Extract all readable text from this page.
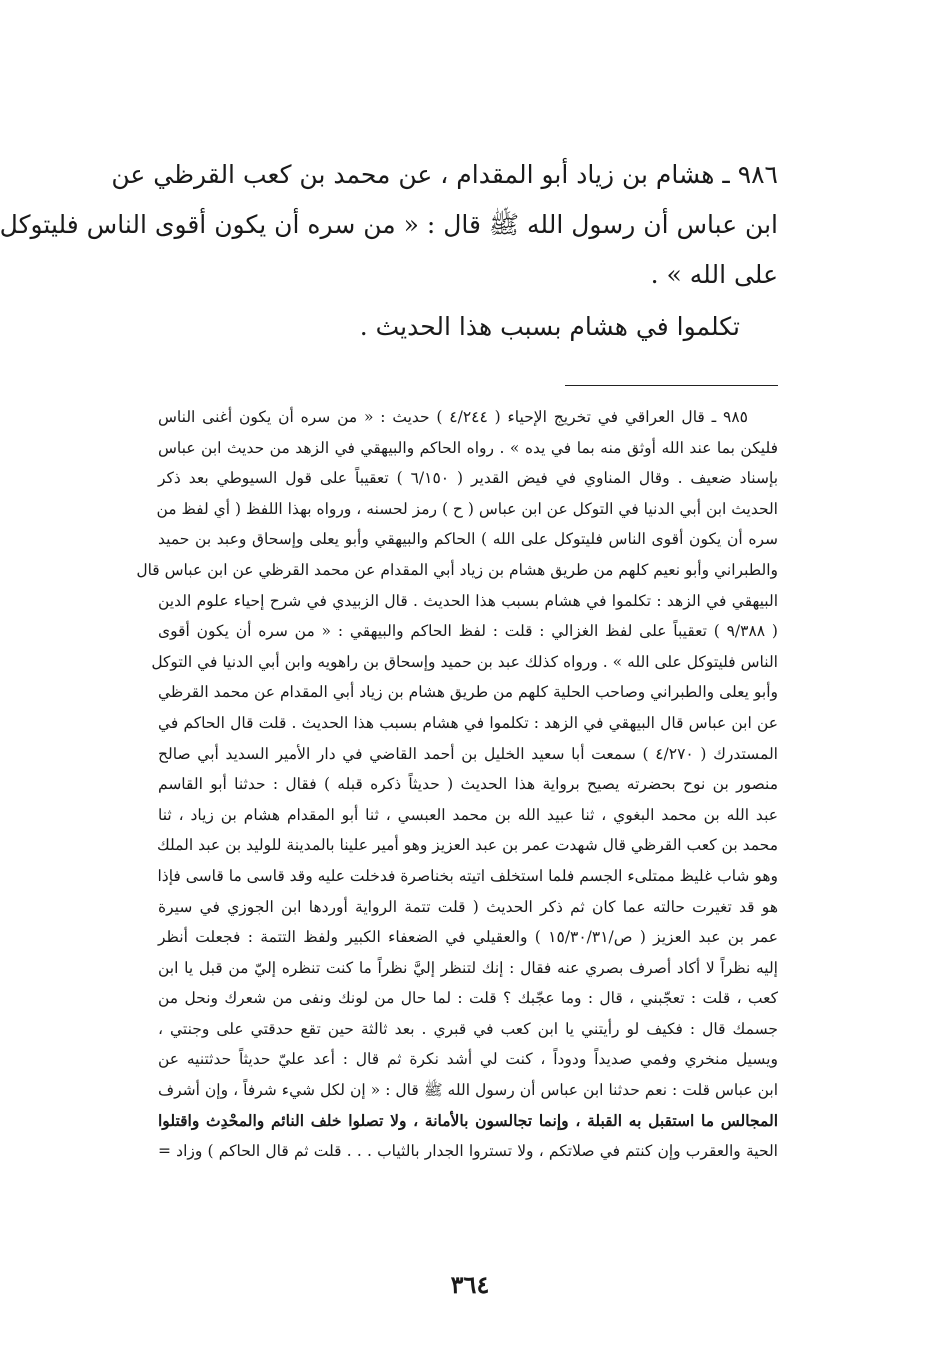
٩٨٦ ـ هشام بن زياد أبو المقدام ، عن محمد بن كعب القرظي عن
ابن عباس أن رسول الله ﷺ قال : « من سره أن يكون أقوى الناس فليتوكل
على الله » .
تكلموا في هشام بسبب هذا الحديث .
٩٨٥ ـ قال العراقي في تخريج الإحياء ( ٤/٢٤٤ ) حديث : « من سره أن يكون أغنى الناس
فليكن بما عند الله أوثق منه بما في يده » . رواه الحاكم والبيهقي في الزهد من حديث ابن عباس
بإسناد ضعيف . وقال المناوي في فيض القدير ( ٦/١٥٠ ) تعقيباً على قول السيوطي بعد ذكر
الحديث ابن أبي الدنيا في التوكل عن ابن عباس ( ح ) رمز لحسنه ، ورواه بهذا اللفظ ( أي لفظ من
سره أن يكون أقوى الناس فليتوكل على الله ) الحاكم والبيهقي وأبو يعلى وإسحاق وعبد بن حميد
والطبراني وأبو نعيم كلهم من طريق هشام بن زياد أبي المقدام عن محمد القرظي عن ابن عباس قال
البيهقي في الزهد : تكلموا في هشام بسبب هذا الحديث . قال الزبيدي في شرح إحياء علوم الدين
( ٩/٣٨٨ ) تعقيباً على لفظ الغزالي : قلت : لفظ الحاكم والبيهقي : « من سره أن يكون أقوى
الناس فليتوكل على الله » . ورواه كذلك عبد بن حميد وإسحاق بن راهويه وابن أبي الدنيا في التوكل
وأبو يعلى والطبراني وصاحب الحلية كلهم من طريق هشام بن زياد أبي المقدام عن محمد القرظي
عن ابن عباس قال البيهقي في الزهد : تكلموا في هشام بسبب هذا الحديث . قلت قال الحاكم في
المستدرك ( ٤/٢٧٠ ) سمعت أبا سعيد الخليل بن أحمد القاضي في دار الأمير السديد أبي صالح
منصور بن نوح بحضرته يصيح برواية هذا الحديث ( حديثاً ذكره قبله ) فقال : حدثنا أبو القاسم
عبد الله بن محمد البغوي ، ثنا عبيد الله بن محمد العبسي ، ثنا أبو المقدام هشام بن زياد ، ثنا
محمد بن كعب القرظي قال شهدت عمر بن عبد العزيز وهو أمير علينا بالمدينة للوليد بن عبد الملك
وهو شاب غليظ ممتلىء الجسم فلما استخلف اتيته بخناصرة فدخلت عليه وقد قاسى ما قاسى فإذا
هو قد تغيرت حالته عما كان ثم ذكر الحديث ( قلت تتمة الرواية أوردها ابن الجوزي في سيرة
عمر بن عبد العزيز ( ص/١٥/٣٠/٣١ ) والعقيلي في الضعفاء الكبير ولفظ التتمة : فجعلت أنظر
إليه نظراً لا أكاد أصرف بصري عنه فقال : إنك لتنظر إليَّ نظراً ما كنت تنظره إليّ من قبل يا ابن
كعب ، قلت : تعجّبني ، قال : وما عجّبك ؟ قلت : لما حال من لونك ونفى من شعرك ونحل من
جسمك قال : فكيف لو رأيتني يا ابن كعب في قبري . بعد ثالثة حين تقع حدقتي على وجنتي ،
ويسيل منخري وفمي صديداً ودوداً ، كنت لي أشد نكرة ثم قال : أعد عليّ حديثاً حدثتنيه عن
ابن عباس قلت : نعم حدثنا ابن عباس أن رسول الله ﷺ قال : « إن لكل شيء شرفاً ، وإن أشرف
المجالس ما استقبل به القبلة ، وإنما تجالسون بالأمانة ، ولا تصلوا خلف النائم والمحْدِث واقتلوا
الحية والعقرب وإن كنتم في صلاتكم ، ولا تستروا الجدار بالثياب . . . قلت ثم قال الحاكم ) وزاد =
٣٦٤
